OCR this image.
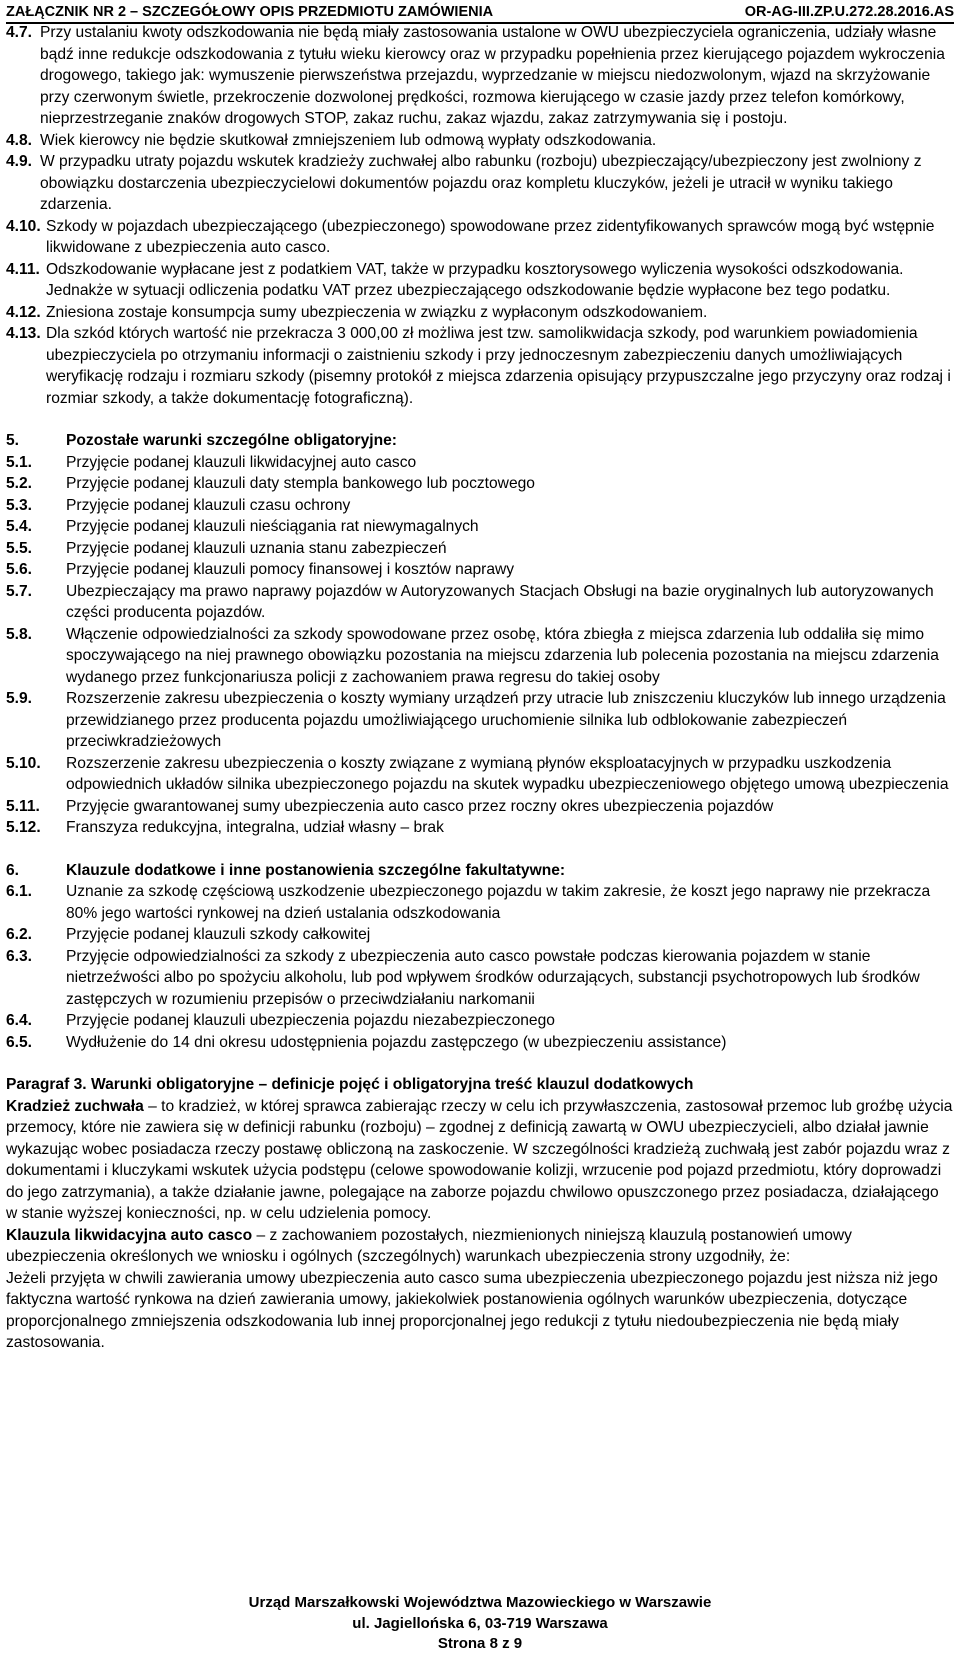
ZAŁĄCZNIK NR 2 – SZCZEGÓŁOWY OPIS PRZEDMIOTU ZAMÓWIENIA	OR-AG-III.ZP.U.272.28.2016.AS
4.7. Przy ustalaniu kwoty odszkodowania nie będą miały zastosowania ustalone w OWU ubezpieczyciela ograniczenia, udziały własne bądź inne redukcje odszkodowania z tytułu wieku kierowcy oraz w przypadku popełnienia przez kierującego pojazdem wykroczenia drogowego, takiego jak: wymuszenie pierwszeństwa przejazdu, wyprzedzanie w miejscu niedozwolonym, wjazd na skrzyżowanie przy czerwonym świetle, przekroczenie dozwolonej prędkości, rozmowa kierującego w czasie jazdy przez telefon komórkowy, nieprzestrzeganie znaków drogowych STOP, zakaz ruchu, zakaz wjazdu, zakaz zatrzymywania się i postoju.
4.8. Wiek kierowcy nie będzie skutkował zmniejszeniem lub odmową wypłaty odszkodowania.
4.9. W przypadku utraty pojazdu wskutek kradzieży zuchwałej albo rabunku (rozboju) ubezpieczający/ubezpieczony jest zwolniony z obowiązku dostarczenia ubezpieczycielowi dokumentów pojazdu oraz kompletu kluczyków, jeżeli je utracił w wyniku takiego zdarzenia.
4.10. Szkody w pojazdach ubezpieczającego (ubezpieczonego) spowodowane przez zidentyfikowanych sprawców mogą być wstępnie likwidowane z ubezpieczenia auto casco.
4.11. Odszkodowanie wypłacane jest z podatkiem VAT, także w przypadku kosztorysowego wyliczenia wysokości odszkodowania. Jednakże w sytuacji odliczenia podatku VAT przez ubezpieczającego odszkodowanie będzie wypłacone bez tego podatku.
4.12. Zniesiona zostaje konsumpcja sumy ubezpieczenia w związku z wypłaconym odszkodowaniem.
4.13. Dla szkód których wartość nie przekracza 3 000,00 zł możliwa jest tzw. samolikwidacja szkody, pod warunkiem powiadomienia ubezpieczyciela po otrzymaniu informacji o zaistnieniu szkody i przy jednoczesnym zabezpieczeniu danych umożliwiających weryfikację rodzaju i rozmiaru szkody (pisemny protokół z miejsca zdarzenia opisujący przypuszczalne jego przyczyny oraz rodzaj i rozmiar szkody, a także dokumentację fotograficzną).
5.	Pozostałe warunki szczególne obligatoryjne:
5.1.	Przyjęcie podanej klauzuli likwidacyjnej auto casco
5.2.	Przyjęcie podanej klauzuli daty stempla bankowego lub pocztowego
5.3.	Przyjęcie podanej klauzuli czasu ochrony
5.4.	Przyjęcie podanej klauzuli nieściągania rat niewymagalnych
5.5.	Przyjęcie podanej klauzuli uznania stanu zabezpieczeń
5.6.	Przyjęcie podanej klauzuli pomocy finansowej i kosztów naprawy
5.7.	Ubezpieczający ma prawo naprawy pojazdów w Autoryzowanych Stacjach Obsługi na bazie oryginalnych lub autoryzowanych części producenta pojazdów.
5.8.	Włączenie odpowiedzialności za szkody spowodowane przez osobę, która zbiegła z miejsca zdarzenia lub oddaliła się mimo spoczywającego na niej prawnego obowiązku pozostania na miejscu zdarzenia lub polecenia pozostania na miejscu zdarzenia wydanego przez funkcjonariusza policji z zachowaniem prawa regresu do takiej osoby
5.9.	Rozszerzenie zakresu ubezpieczenia o koszty wymiany urządzeń przy utracie lub zniszczeniu kluczyków lub innego urządzenia przewidzianego przez producenta pojazdu umożliwiającego uruchomienie silnika lub odblokowanie zabezpieczeń przeciwkradzieżowych
5.10.	Rozszerzenie zakresu ubezpieczenia o koszty związane z wymianą płynów eksploatacyjnych w przypadku uszkodzenia odpowiednich układów silnika ubezpieczonego pojazdu na skutek wypadku ubezpieczeniowego objętego umową ubezpieczenia
5.11.	Przyjęcie gwarantowanej sumy ubezpieczenia auto casco przez roczny okres ubezpieczenia pojazdów
5.12.	Franszyza redukcyjna, integralna, udział własny – brak
6.	Klauzule dodatkowe i inne postanowienia szczególne fakultatywne:
6.1.	Uznanie za szkodę częściową uszkodzenie ubezpieczonego pojazdu w takim zakresie, że koszt jego naprawy nie przekracza 80% jego wartości rynkowej na dzień ustalania odszkodowania
6.2.	Przyjęcie podanej klauzuli szkody całkowitej
6.3.	Przyjęcie odpowiedzialności za szkody z ubezpieczenia auto casco powstałe podczas kierowania pojazdem w stanie nietrzeźwości albo po spożyciu alkoholu, lub pod wpływem środków odurzających, substancji psychotropowych lub środków zastępczych w rozumieniu przepisów o przeciwdziałaniu narkomanii
6.4.	Przyjęcie podanej klauzuli ubezpieczenia pojazdu niezabezpieczonego
6.5.	Wydłużenie do 14 dni okresu udostępnienia pojazdu zastępczego (w ubezpieczeniu assistance)

Paragraf 3. Warunki obligatoryjne – definicje pojęć i obligatoryjna treść klauzul dodatkowych

Kradzież zuchwała – to kradzież, w której sprawca zabierając rzeczy w celu ich przywłaszczenia, zastosował przemoc lub groźbę użycia przemocy, które nie zawiera się w definicji rabunku (rozboju) – zgodnej z definicją zawartą w OWU ubezpieczycieli, albo działał jawnie wykazując wobec posiadacza rzeczy postawę obliczoną na zaskoczenie. W szczególności kradzieżą zuchwałą jest zabór pojazdu wraz z dokumentami i kluczykami wskutek użycia podstępu (celowe spowodowanie kolizji, wrzucenie pod pojazd przedmiotu, który doprowadzi do jego zatrzymania), a także działanie jawne, polegające na zaborze pojazdu chwilowo opuszczonego przez posiadacza, działającego w stanie wyższej konieczności, np. w celu udzielenia pomocy.

Klauzula likwidacyjna auto casco – z zachowaniem pozostałych, niezmienionych niniejszą klauzulą postanowień umowy ubezpieczenia określonych we wniosku i ogólnych (szczególnych) warunkach ubezpieczenia strony uzgodniły, że:

Jeżeli przyjęta w chwili zawierania umowy ubezpieczenia auto casco suma ubezpieczenia ubezpieczonego pojazdu jest niższa niż jego faktyczna wartość rynkowa na dzień zawierania umowy, jakiekolwiek postanowienia ogólnych warunków ubezpieczenia, dotyczące proporcjonalnego zmniejszenia odszkodowania lub innej proporcjonalnej jego redukcji z tytułu niedoubezpieczenia nie będą miały zastosowania.

Urząd Marszałkowski Województwa Mazowieckiego w Warszawie
ul. Jagiellońska 6, 03-719 Warszawa
Strona 8 z 9
